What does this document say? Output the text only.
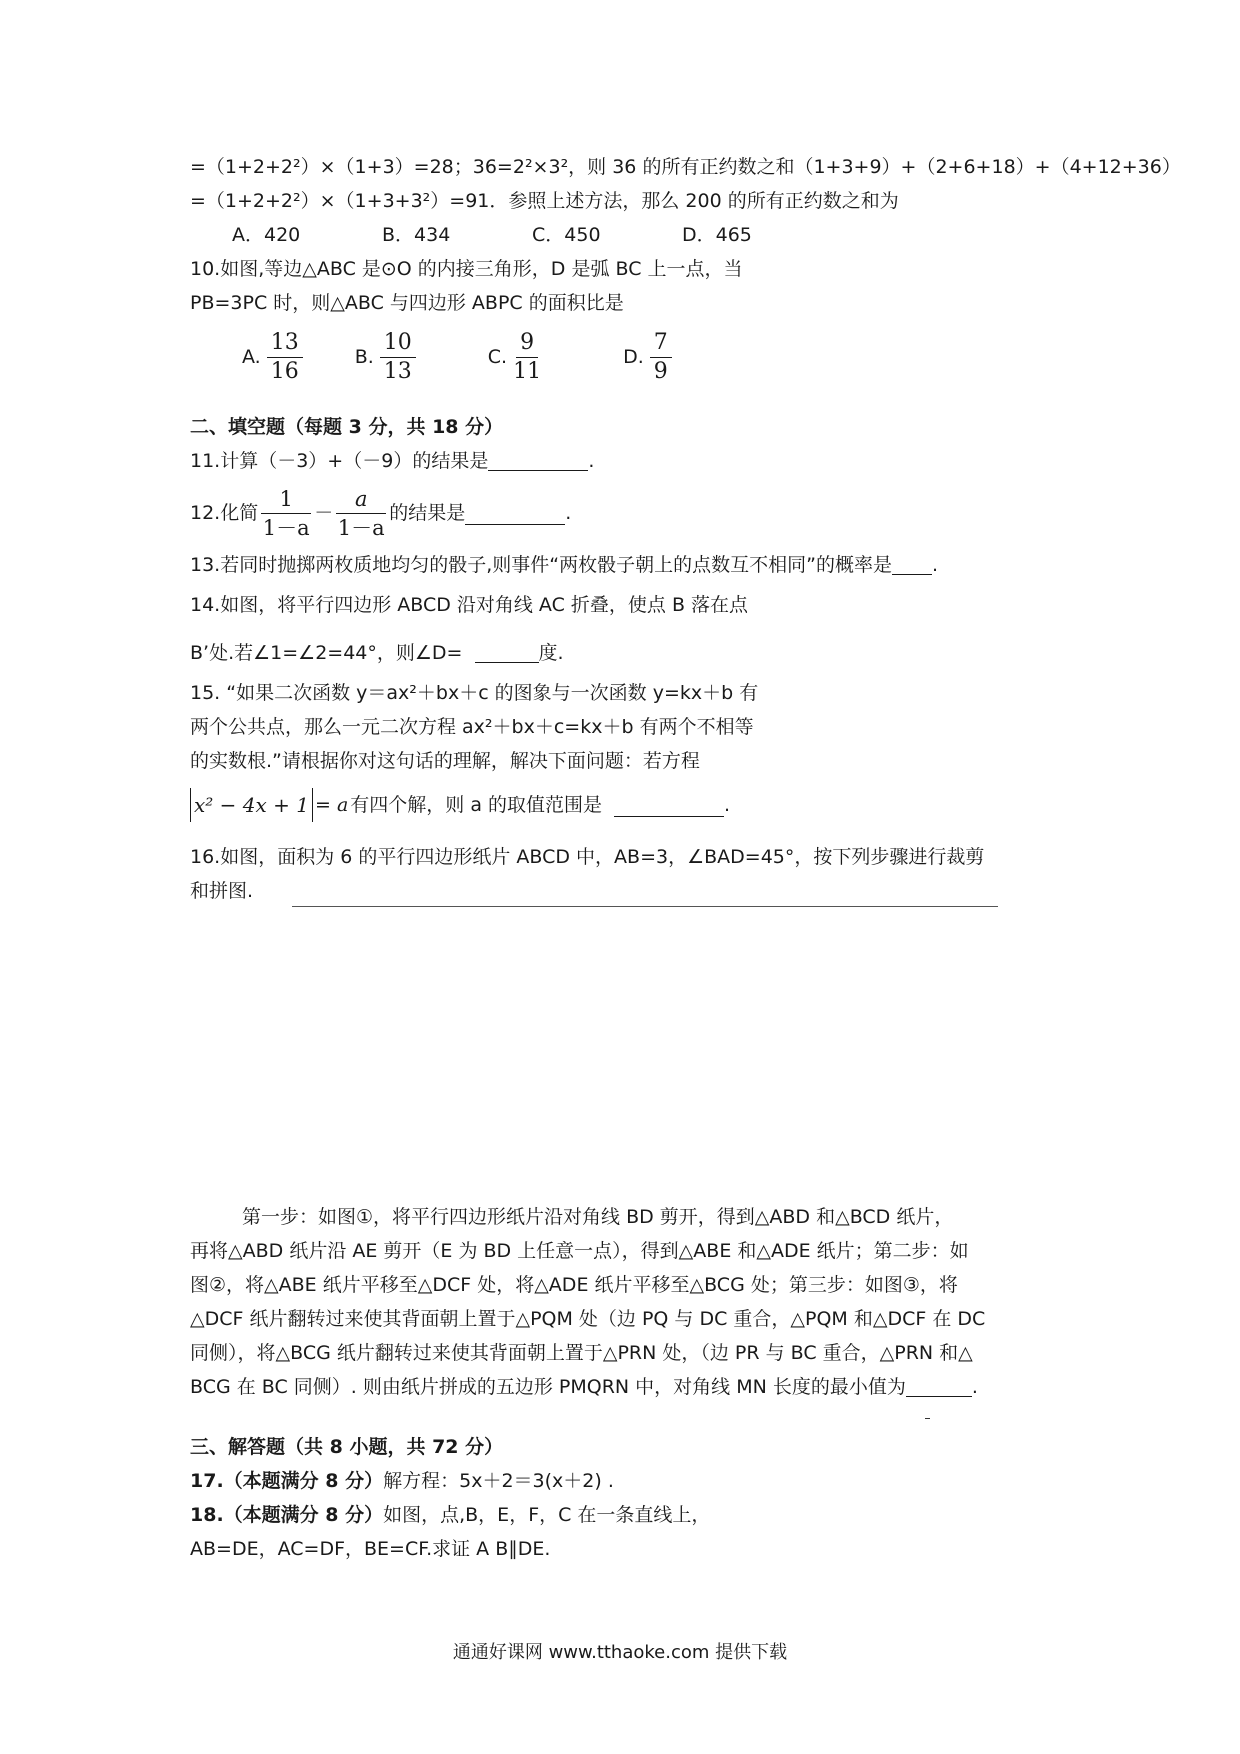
=（1+2+2²）×（1+3）=28；36=2²×3²，则 36 的所有正约数之和（1+3+9）+（2+6+18）+（4+12+36）
=（1+2+2²）×（1+3+3²）=91．参照上述方法，那么 200 的所有正约数之和为
A．420	B．434	C．450	D．465
10.如图,等边△ABC 是⊙O 的内接三角形，D 是弧 BC 上一点，当
PB=3PC 时，则△ABC 与四边形 ABPC 的面积比是
A. $\frac{13}{16}$	B. $\frac{10}{13}$	C. $\frac{9}{11}$	D. $\frac{7}{9}$
二、填空题（每题 3 分，共 18 分）
11.计算（－3）+（－9）的结果是	.
12.化简 $\frac{1}{1-a} - \frac{a}{1-a}$ 的结果是	.
13.若同时抛掷两枚质地均匀的骰子,则事件“两枚骰子朝上的点数互不相同”的概率是 .
14.如图，将平行四边形 ABCD 沿对角线 AC 折叠，使点 B 落在点
B’处.若∠1=∠2=44°，则∠D=	度.
15. “如果二次函数 y＝ax²＋bx＋c 的图象与一次函数 y=kx＋b 有
两个公共点，那么一元二次方程 ax²＋bx＋c=kx＋b 有两个不相等
的实数根.”请根据你对这句话的理解，解决下面问题：若方程
x² − 4x + 1 = a 有四个解，则 a 的取值范围是	.
16.如图，面积为 6 的平行四边形纸片 ABCD 中，AB=3，∠BAD=45°，按下列步骤进行裁剪
和拼图.
第一步：如图①，将平行四边形纸片沿对角线 BD 剪开，得到△ABD 和△BCD 纸片，
再将△ABD 纸片沿 AE 剪开（E 为 BD 上任意一点），得到△ABE 和△ADE 纸片；第二步：如
图②，将△ABE 纸片平移至△DCF 处，将△ADE 纸片平移至△BCG 处；第三步：如图③，将
△DCF 纸片翻转过来使其背面朝上置于△PQM 处（边 PQ 与 DC 重合，△PQM 和△DCF 在 DC
同侧），将△BCG 纸片翻转过来使其背面朝上置于△PRN 处，（边 PR 与 BC 重合，△PRN 和△
BCG 在 BC 同侧）. 则由纸片拼成的五边形 PMQRN 中，对角线 MN 长度的最小值为	.
三、解答题（共 8 小题，共 72 分）
17.（本题满分 8 分）解方程：5x＋2＝3(x＋2) .
18.（本题满分 8 分）如图，点,B，E，F，C 在一条直线上，
AB=DE，AC=DF，BE=CF.求证 A B∥DE.
通通好课网 www.tthaoke.com 提供下载
